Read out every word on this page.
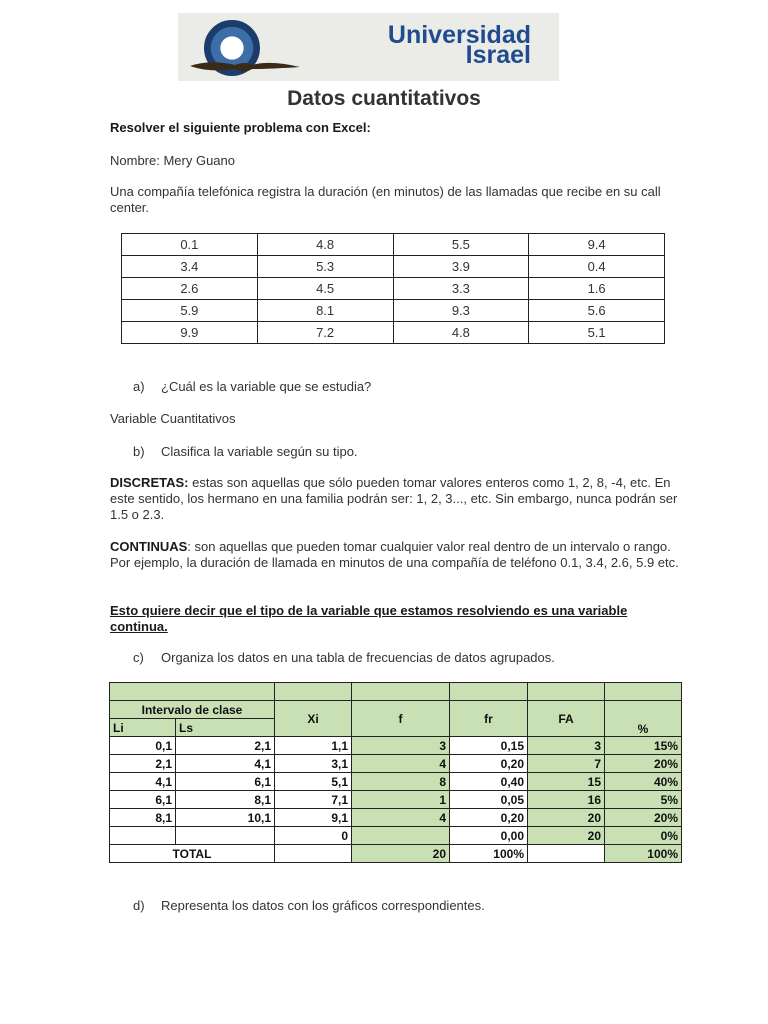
Universidad
Israel
Datos cuantitativos
Resolver el siguiente problema con Excel:
Nombre: Mery Guano
Una compañía telefónica registra la duración (en minutos) de las llamadas que recibe en su call center.
0.1	4.8	5.5	9.4
3.4	5.3	3.9	0.4
2.6	4.5	3.3	1.6
5.9	8.1	9.3	5.6
9.9	7.2	4.8	5.1
a) ¿Cuál es la variable que se estudia?
Variable Cuantitativos
b) Clasifica la variable según su tipo.
DISCRETAS: estas son aquellas que sólo pueden tomar valores enteros como 1, 2, 8, -4, etc. En este sentido, los hermano en una familia podrán ser: 1, 2, 3..., etc. Sin embargo, nunca podrán ser 1.5 o 2.3.
CONTINUAS: son aquellas que pueden tomar cualquier valor real dentro de un intervalo o rango. Por ejemplo, la duración de llamada en minutos de una compañía de teléfono 0.1, 3.4, 2.6, 5.9 etc.
Esto quiere decir que el tipo de la variable que estamos resolviendo es una variable continua.
c) Organiza los datos en una tabla de frecuencias de datos agrupados.

Intervalo de clase		Xi	f	fr	FA	%
Li	Ls					
0,1	2,1	1,1	3	0,15	3	15%
2,1	4,1	3,1	4	0,20	7	20%
4,1	6,1	5,1	8	0,40	15	40%
6,1	8,1	7,1	1	0,05	16	5%
8,1	10,1	9,1	4	0,20	20	20%
		0		0,00	20	0%
TOTAL			20	100%		100%
d) Representa los datos con los gráficos correspondientes.
